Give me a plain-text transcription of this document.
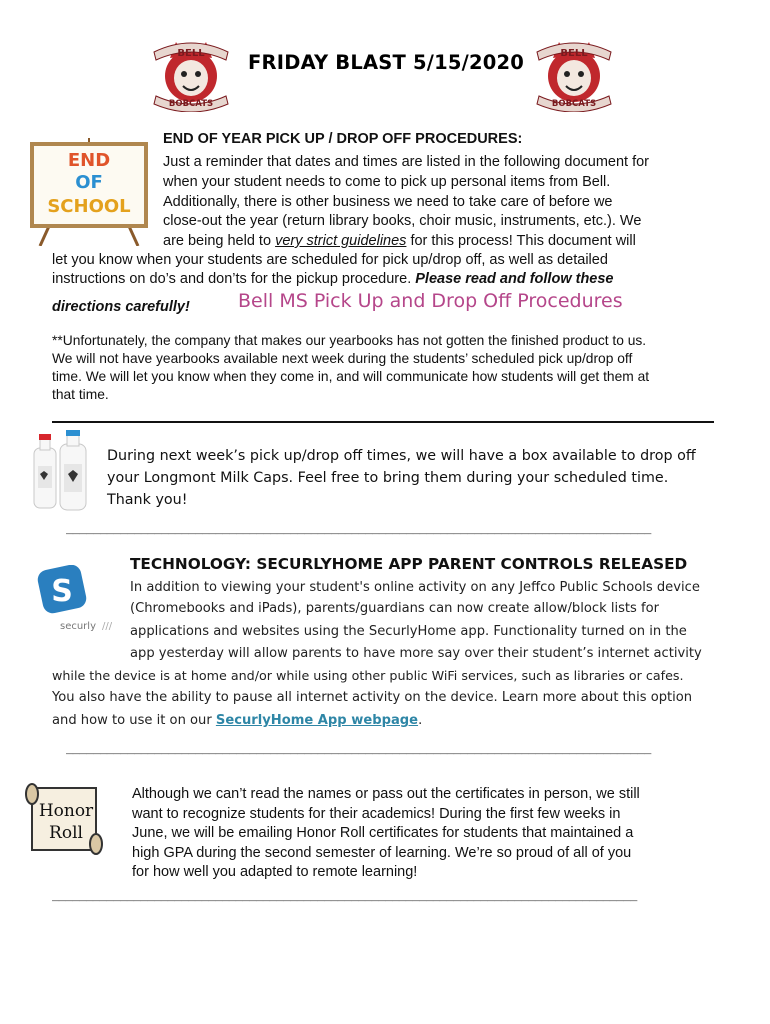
BELL
BOBCATS
FRIDAY BLAST 5/15/2020	BELL
BOBCATS
END
OF
SCHOOL
END OF YEAR PICK UP / DROP OFF PROCEDURES:
Just a reminder that dates and times are listed in the following document for
when your student needs to come to pick up personal items from Bell.
Additionally, there is other business we need to take care of before we
close-out the year (return library books, choir music, instruments, etc.). We
are being held to very strict guidelines for this process! This document will
let you know when your students are scheduled for pick up/drop off, as well as detailed
instructions on do’s and don’ts for the pickup procedure. Please read and follow these
directions carefully!	Bell MS Pick Up and Drop Off Procedures
**Unfortunately, the company that makes our yearbooks has not gotten the finished product to us.
We will not have yearbooks available next week during the students’ scheduled pick up/drop off
time. We will let you know when they come in, and will communicate how students will get them at
that time.
During next week’s pick up/drop off times, we will have a box available to drop off
your Longmont Milk Caps. Feel free to bring them during your scheduled time.
Thank you!
______________________________________________________________________________________
TECHNOLOGY: SECURLYHOME APP PARENT CONTROLS RELEASED
S
securly ///
In addition to viewing your student's online activity on any Jeffco Public Schools device
(Chromebooks and iPads), parents/guardians can now create allow/block lists for
applications and websites using the SecurlyHome app. Functionality turned on in the
app yesterday will allow parents to have more say over their student’s internet activity
while the device is at home and/or while using other public WiFi services, such as libraries or cafes.
You also have the ability to pause all internet activity on the device. Learn more about this option
and how to use it on our SecurlyHome App webpage.
______________________________________________________________________________________
Honor
Roll
Although we can’t read the names or pass out the certificates in person, we still
want to recognize students for their academics! During the first few weeks in
June, we will be emailing Honor Roll certificates for students that maintained a
high GPA during the second semester of learning. We’re so proud of all of you
for how well you adapted to remote learning!
______________________________________________________________________________________
